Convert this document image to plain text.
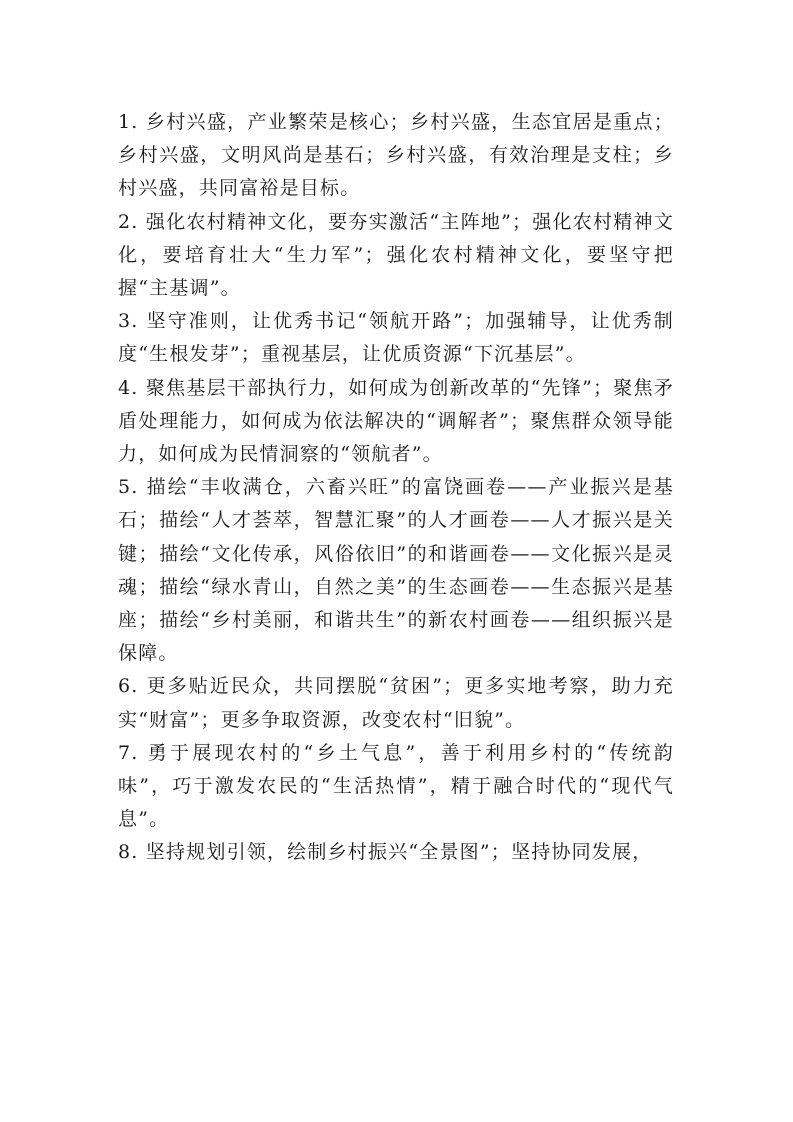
1. 乡村兴盛，产业繁荣是核心；乡村兴盛，生态宜居是重点；乡村兴盛，文明风尚是基石；乡村兴盛，有效治理是支柱；乡村兴盛，共同富裕是目标。

2. 强化农村精神文化，要夯实激活“主阵地”；强化农村精神文化，要培育壮大“生力军”；强化农村精神文化，要坚守把握“主基调”。

3. 坚守准则，让优秀书记“领航开路”；加强辅导，让优秀制度“生根发芽”；重视基层，让优质资源“下沉基层”。

4. 聚焦基层干部执行力，如何成为创新改革的“先锋”；聚焦矛盾处理能力，如何成为依法解决的“调解者”；聚焦群众领导能力，如何成为民情洞察的“领航者”。

5. 描绘“丰收满仓，六畜兴旺”的富饶画卷——产业振兴是基石；描绘“人才荟萃，智慧汇聚”的人才画卷——人才振兴是关键；描绘“文化传承，风俗依旧”的和谐画卷——文化振兴是灵魂；描绘“绿水青山，自然之美”的生态画卷——生态振兴是基座；描绘“乡村美丽，和谐共生”的新农村画卷——组织振兴是保障。

6. 更多贴近民众，共同摆脱“贫困”；更多实地考察，助力充实“财富”；更多争取资源，改变农村“旧貌”。

7. 勇于展现农村的“乡土气息”，善于利用乡村的“传统韵味”，巧于激发农民的“生活热情”，精于融合时代的“现代气息”。

8. 坚持规划引领，绘制乡村振兴“全景图”；坚持协同发展，
